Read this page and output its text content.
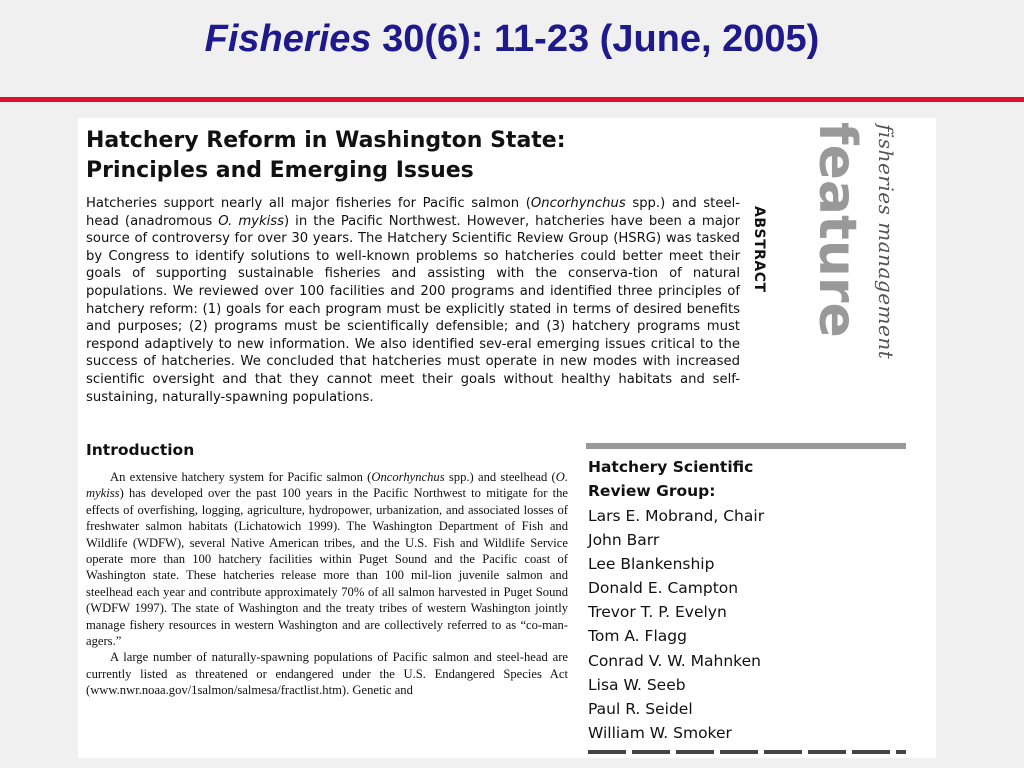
Fisheries 30(6): 11-23 (June, 2005)
Hatchery Reform in Washington State:
Principles and Emerging Issues
Hatcheries support nearly all major fisheries for Pacific salmon (Oncorhynchus spp.) and steel-head (anadromous O. mykiss) in the Pacific Northwest. However, hatcheries have been a major source of controversy for over 30 years. The Hatchery Scientific Review Group (HSRG) was tasked by Congress to identify solutions to well-known problems so hatcheries could better meet their goals of supporting sustainable fisheries and assisting with the conserva-tion of natural populations. We reviewed over 100 facilities and 200 programs and identified three principles of hatchery reform: (1) goals for each program must be explicitly stated in terms of desired benefits and purposes; (2) programs must be scientifically defensible; and (3) hatchery programs must respond adaptively to new information. We also identified sev-eral emerging issues critical to the success of hatcheries. We concluded that hatcheries must operate in new modes with increased scientific oversight and that they cannot meet their goals without healthy habitats and self-sustaining, naturally-spawning populations.
ABSTRACT feature fisheries management
Introduction

An extensive hatchery system for Pacific salmon (Oncorhynchus spp.) and steelhead (O. mykiss) has developed over the past 100 years in the Pacific Northwest to mitigate for the effects of overfishing, logging, agriculture, hydropower, urbanization, and associated losses of freshwater salmon habitats (Lichatowich 1999). The Washington Department of Fish and Wildlife (WDFW), several Native American tribes, and the U.S. Fish and Wildlife Service operate more than 100 hatchery facilities within Puget Sound and the Pacific coast of Washington state. These hatcheries release more than 100 mil-lion juvenile salmon and steelhead each year and contribute approximately 70% of all salmon harvested in Puget Sound (WDFW 1997). The state of Washington and the treaty tribes of western Washington jointly manage fishery resources in western Washington and are collectively referred to as “co-man-agers.”

A large number of naturally-spawning populations of Pacific salmon and steel-head are currently listed as threatened or endangered under the U.S. Endangered Species Act (www.nwr.noaa.gov/1salmon/salmesa/fractlist.htm). Genetic and

Hatchery Scientific
Review Group:
Lars E. Mobrand, Chair
John Barr
Lee Blankenship
Donald E. Campton
Trevor T. P. Evelyn
Tom A. Flagg
Conrad V. W. Mahnken
Lisa W. Seeb
Paul R. Seidel
William W. Smoker
